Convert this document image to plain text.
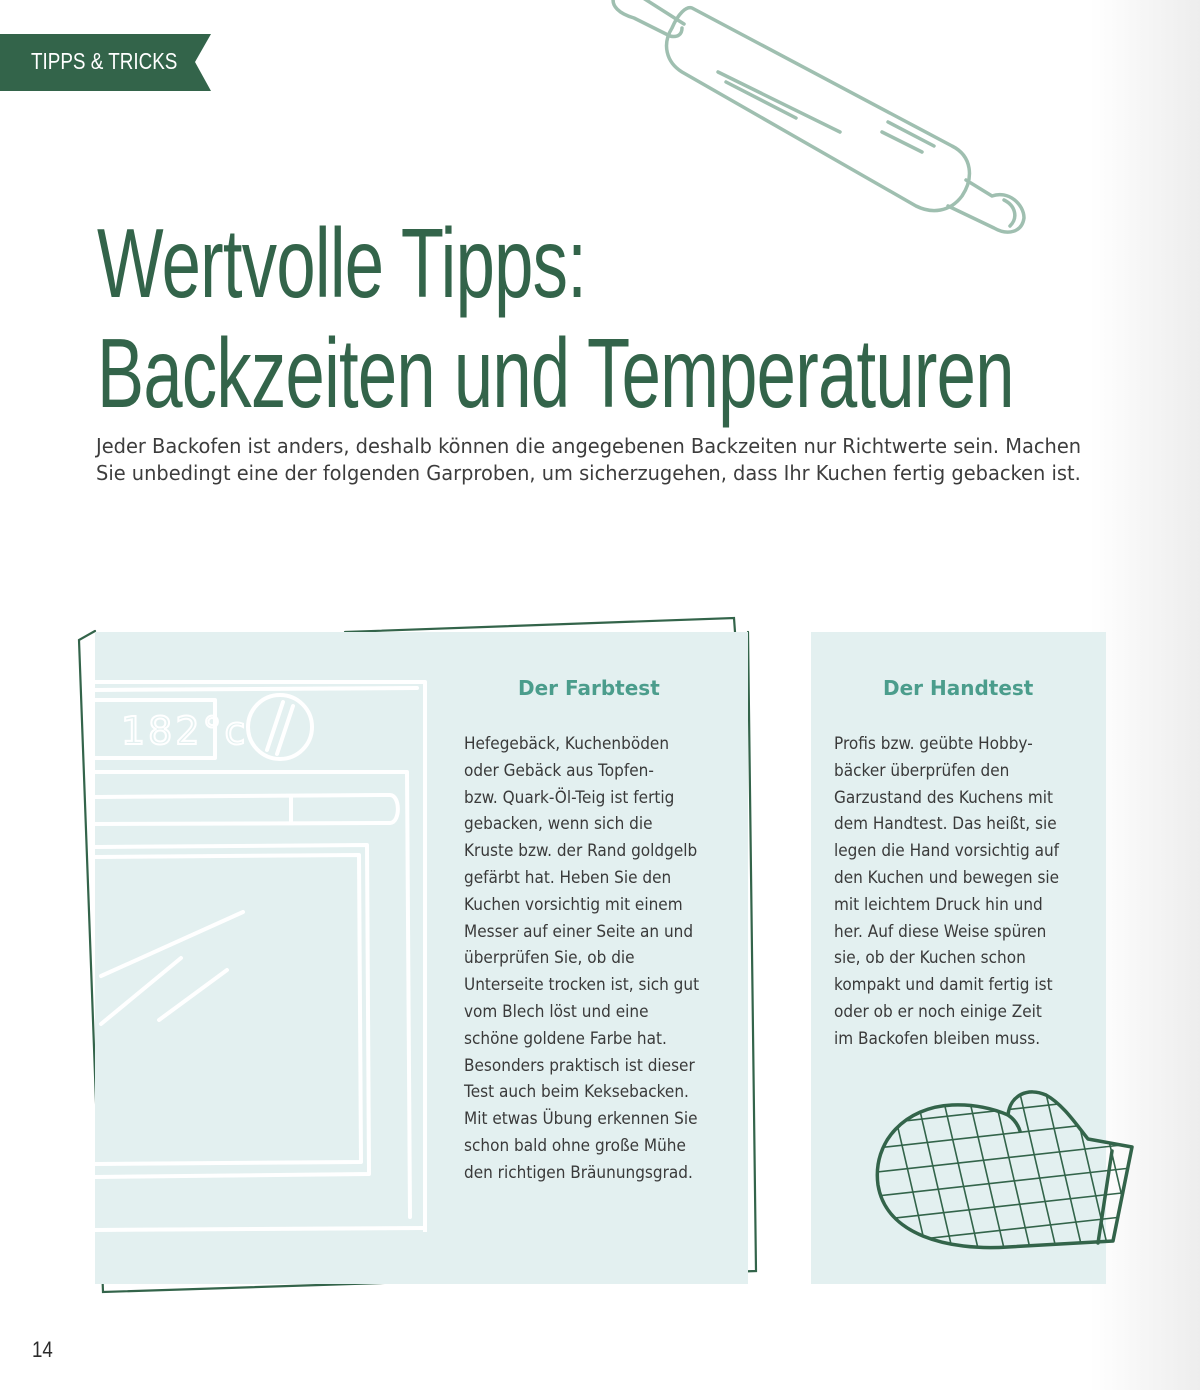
TIPPS & TRICKS
Wertvolle Tipps:
Backzeiten und Temperaturen

Jeder Backofen ist anders, deshalb können die angegebenen Backzeiten nur Richtwerte sein. Machen Sie unbedingt eine der folgenden Garproben, um sicherzugehen, dass Ihr Kuchen fertig gebacken ist.

182°c
Der Farbtest

Hefegebäck, Kuchenböden
oder Gebäck aus Topfen-
bzw. Quark-Öl-Teig ist fertig
gebacken, wenn sich die
Kruste bzw. der Rand goldgelb
gefärbt hat. Heben Sie den
Kuchen vorsichtig mit einem
Messer auf einer Seite an und
überprüfen Sie, ob die
Unterseite trocken ist, sich gut
vom Blech löst und eine
schöne goldene Farbe hat.
Besonders praktisch ist dieser
Test auch beim Keksebacken.
Mit etwas Übung erkennen Sie
schon bald ohne große Mühe
den richtigen Bräunungsgrad.

Der Handtest

Profis bzw. geübte Hobby-
bäcker überprüfen den
Garzustand des Kuchens mit
dem Handtest. Das heißt, sie
legen die Hand vorsichtig auf
den Kuchen und bewegen sie
mit leichtem Druck hin und
her. Auf diese Weise spüren
sie, ob der Kuchen schon
kompakt und damit fertig ist
oder ob er noch einige Zeit
im Backofen bleiben muss.

14
